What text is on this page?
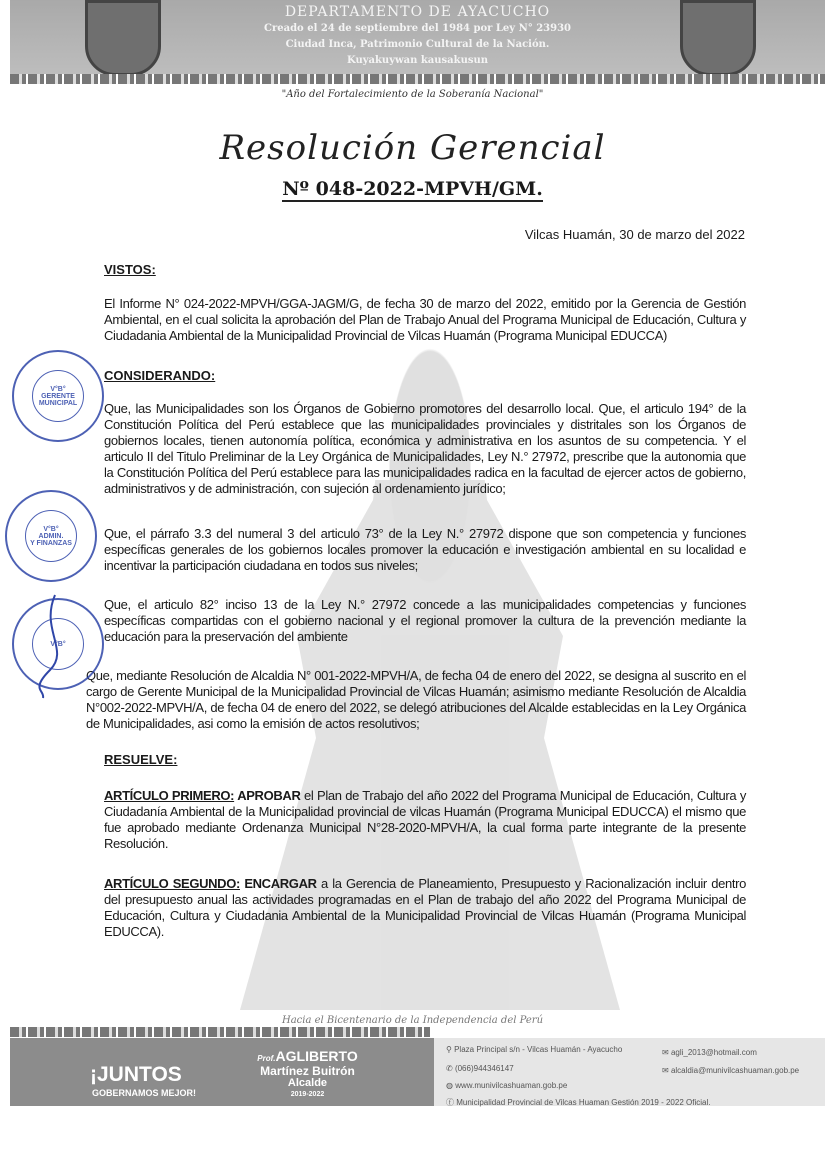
DEPARTAMENTO DE AYACUCHO
Creado el 24 de septiembre del 1984 por Ley N° 23930
Ciudad Inca, Patrimonio Cultural de la Nación.
Kuyakuywan kausakusun
"Año del Fortalecimiento de la Soberanía Nacional"
Resolución Gerencial
Nº 048-2022-MPVH/GM.
Vilcas Huamán, 30 de marzo del 2022
VISTOS:
El Informe N° 024-2022-MPVH/GGA-JAGM/G, de fecha 30 de marzo del 2022, emitido por la Gerencia de Gestión Ambiental, en el cual solicita la aprobación del Plan de Trabajo Anual del Programa Municipal de Educación, Cultura y Ciudadania Ambiental de la Municipalidad Provincial de Vilcas Huamán (Programa Municipal EDUCCA)
CONSIDERANDO:
Que, las Municipalidades son los Órganos de Gobierno promotores del desarrollo local. Que, el articulo 194° de la Constitución Política del Perú establece que las municipalidades provinciales y distritales son los Órganos de gobiernos locales, tienen autonomía política, económica y administrativa en los asuntos de su competencia. Y el articulo II del Titulo Preliminar de la Ley Orgánica de Municipalidades, Ley N.° 27972, prescribe que la autonomia que la Constitución Política del Perú establece para las municipalidades radica en la facultad de ejercer actos de gobierno, administrativos y de administración, con sujeción al ordenamiento jurídico;
Que, el párrafo 3.3 del numeral 3 del articulo 73° de la Ley N.° 27972 dispone que son competencia y funciones específicas generales de los gobiernos locales promover la educación e investigación ambiental en su localidad e incentivar la participación ciudadana en todos sus niveles;
Que, el articulo 82° inciso 13 de la Ley N.° 27972 concede a las municipalidades competencias y funciones específicas compartidas con el gobierno nacional y el regional promover la cultura de la prevención mediante la educación para la preservación del ambiente
Que, mediante Resolución de Alcaldia N° 001-2022-MPVH/A, de fecha 04 de enero del 2022, se designa al suscrito en el cargo de Gerente Municipal de la Municipalidad Provincial de Vilcas Huamán; asimismo mediante Resolución de Alcaldia N°002-2022-MPVH/A, de fecha 04 de enero del 2022, se delegó atribuciones del Alcalde establecidas en la Ley Orgánica de Municipalidades, asi como la emisión de actos resolutivos;
RESUELVE:
ARTÍCULO PRIMERO: APROBAR el Plan de Trabajo del año 2022 del Programa Municipal de Educación, Cultura y Ciudadanía Ambiental de la Municipalidad provincial de vilcas Huamán (Programa Municipal EDUCCA) el mismo que fue aprobado mediante Ordenanza Municipal N°28-2020-MPVH/A, la cual forma parte integrante de la presente Resolución.
ARTÍCULO SEGUNDO: ENCARGAR a la Gerencia de Planeamiento, Presupuesto y Racionalización incluir dentro del presupuesto anual las actividades programadas en el Plan de trabajo del año 2022 del Programa Municipal de Educación, Cultura y Ciudadania Ambiental de la Municipalidad Provincial de Vilcas Huamán (Programa Municipal EDUCCA).
V°B°
GERENTE
MUNICIPAL
V°B°
ADMIN.
Y FINANZAS
V°B°
Hacia el Bicentenario de la Independencia del Perú
¡JUNTOS
GOBERNAMOS MEJOR!
Prof.AGLIBERTO
Martínez Buitrón
Alcalde
2019-2022
⚲ Plaza Principal s/n - Vilcas Huamán - Ayacucho
✆ (066)944346147
◍ www.munivilcashuaman.gob.pe
ⓕ Municipalidad Provincial de Vilcas Huaman Gestión 2019 - 2022 Oficial.
✉ agli_2013@hotmail.com
✉ alcaldia@munivilcashuaman.gob.pe
